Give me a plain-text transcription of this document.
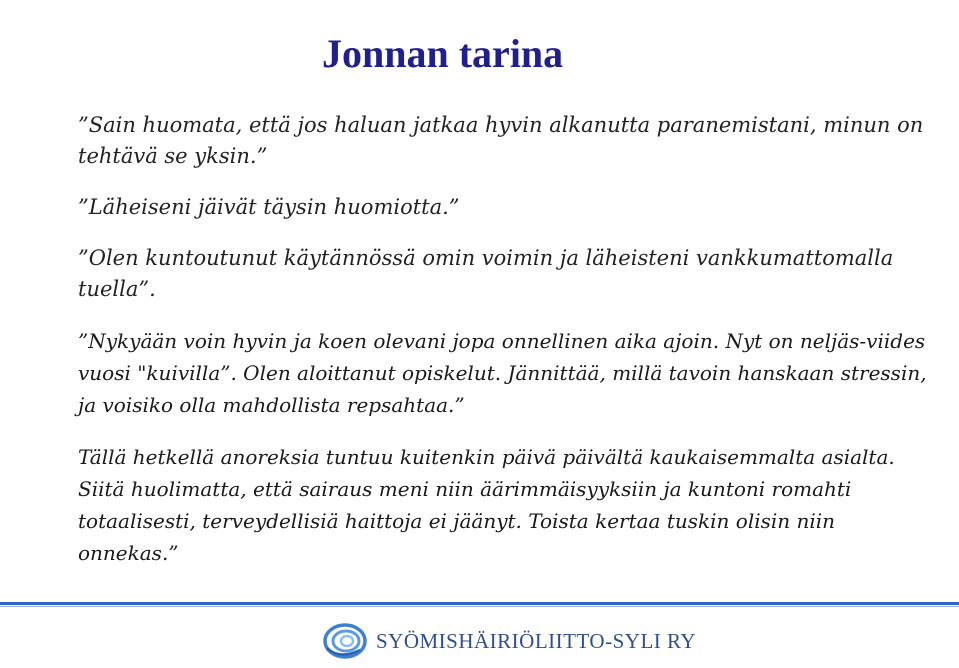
Jonnan tarina

”Sain huomata, että jos haluan jatkaa hyvin alkanutta paranemistani, minun on tehtävä se yksin.”

”Läheiseni jäivät täysin huomiotta.”

”Olen kuntoutunut käytännössä omin voimin ja läheisteni vankkumattomalla tuella”.

”Nykyään voin hyvin ja koen olevani jopa onnellinen aika ajoin. Nyt on neljäs-viides vuosi "kuivilla”. Olen aloittanut opiskelut. Jännittää, millä tavoin hanskaan stressin, ja voisiko olla mahdollista repsahtaa.”

Tällä hetkellä anoreksia tuntuu kuitenkin päivä päivältä kaukaisemmalta asialta. Siitä huolimatta, että sairaus meni niin äärimmäisyyksiin ja kuntoni romahti totaalisesti, terveydellisiä haittoja ei jäänyt. Toista kertaa tuskin olisin niin onnekas.”

SYÖMISHÄIRIÖLIITTO-SYLI RY
